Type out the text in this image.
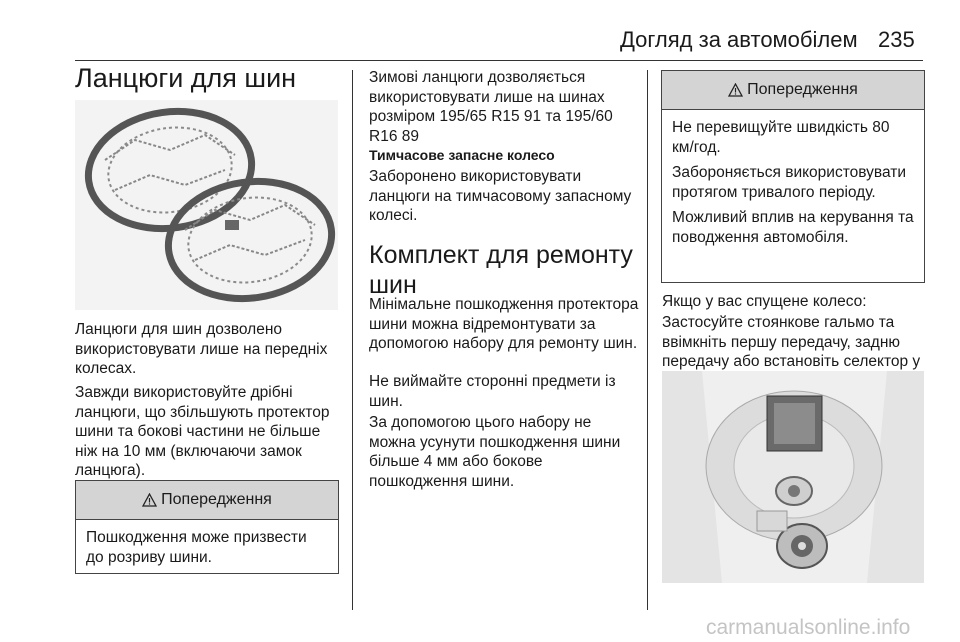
Догляд за автомобілем 235
Ланцюги для шин

Ланцюги для шин дозволено використовувати лише на передніх колесах.

Завжди використовуйте дрібні ланцюги, що збільшують протектор шини та бокові частини не більше ніж на 10 мм (включаючи замок ланцюга).

Попередження

Пошкодження може призвести до розриву шини.

Зимові ланцюги дозволяється використовувати лише на шинах розміром 195/65 R15 91 та 195/60 R16 89

Тимчасове запасне колесо

Заборонено використовувати ланцюги на тимчасовому запасному колесі.

Комплект для ремонту шин

Мінімальне пошкодження протектора шини можна відремонтувати за допомогою набору для ремонту шин.

Не виймайте сторонні предмети із шин.

За допомогою цього набору не можна усунути пошкодження шини більше 4 мм або бокове пошкодження шини.

Попередження

Не перевищуйте швидкість 80 км/год.

Забороняється використовувати протягом тривалого періоду.

Можливий вплив на керування та поводження автомобіля.

Якщо у вас спущене колесо:

Застосуйте стоянкове гальмо та ввімкніть першу передачу, задню передачу або встановіть селектор у

carmanualsonline.info
